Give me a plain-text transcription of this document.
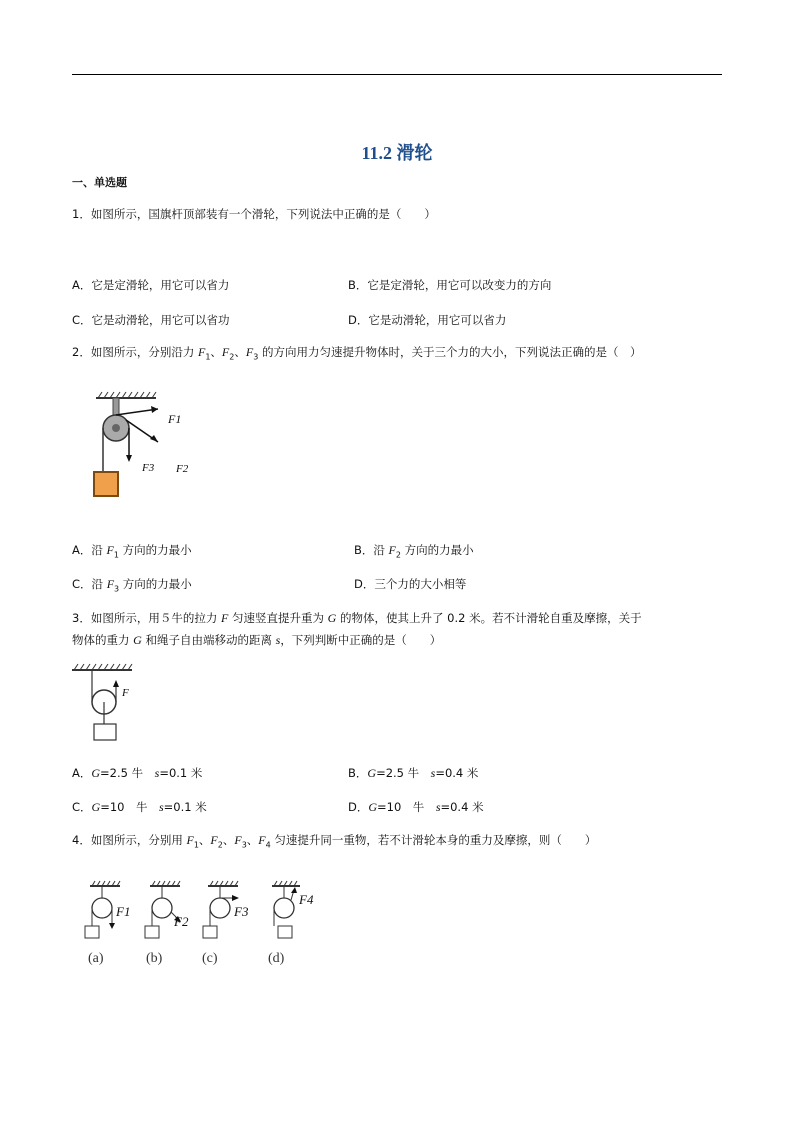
11.2 滑轮
一、单选题
1．如图所示，国旗杆顶部装有一个滑轮，下列说法中正确的是（　　）
A．它是定滑轮，用它可以省力	B．它是定滑轮，用它可以改变力的方向
C．它是动滑轮，用它可以省功	D．它是动滑轮，用它可以省力
2．如图所示，分别沿力 $F_1$、$F_2$、$F_3$ 的方向用力匀速提升物体时，关于三个力的大小，下列说法正确的是（　）
F1
F3 F2
A．沿 $F_1$ 方向的力最小	B．沿 $F_2$ 方向的力最小
C．沿 $F_3$ 方向的力最小	D．三个力的大小相等
3．如图所示，用５牛的拉力 F 匀速竖直提升重为 G 的物体，使其上升了 0.2 米。若不计滑轮自重及摩擦，关于
物体的重力 G 和绳子自由端移动的距离 s，下列判断中正确的是（　　）
F
A．G=2.5 牛　s=0.1 米	B．G=2.5 牛　s=0.4 米
C．G=10　牛　s=0.1 米	D．G=10　牛　s=0.4 米
4．如图所示，分别用 $F_1$、$F_2$、$F_3$、$F_4$ 匀速提升同一重物，若不计滑轮本身的重力及摩擦，则（　　）
F1
(a)
F2
(b)
F3
(c)
F4
(d)
